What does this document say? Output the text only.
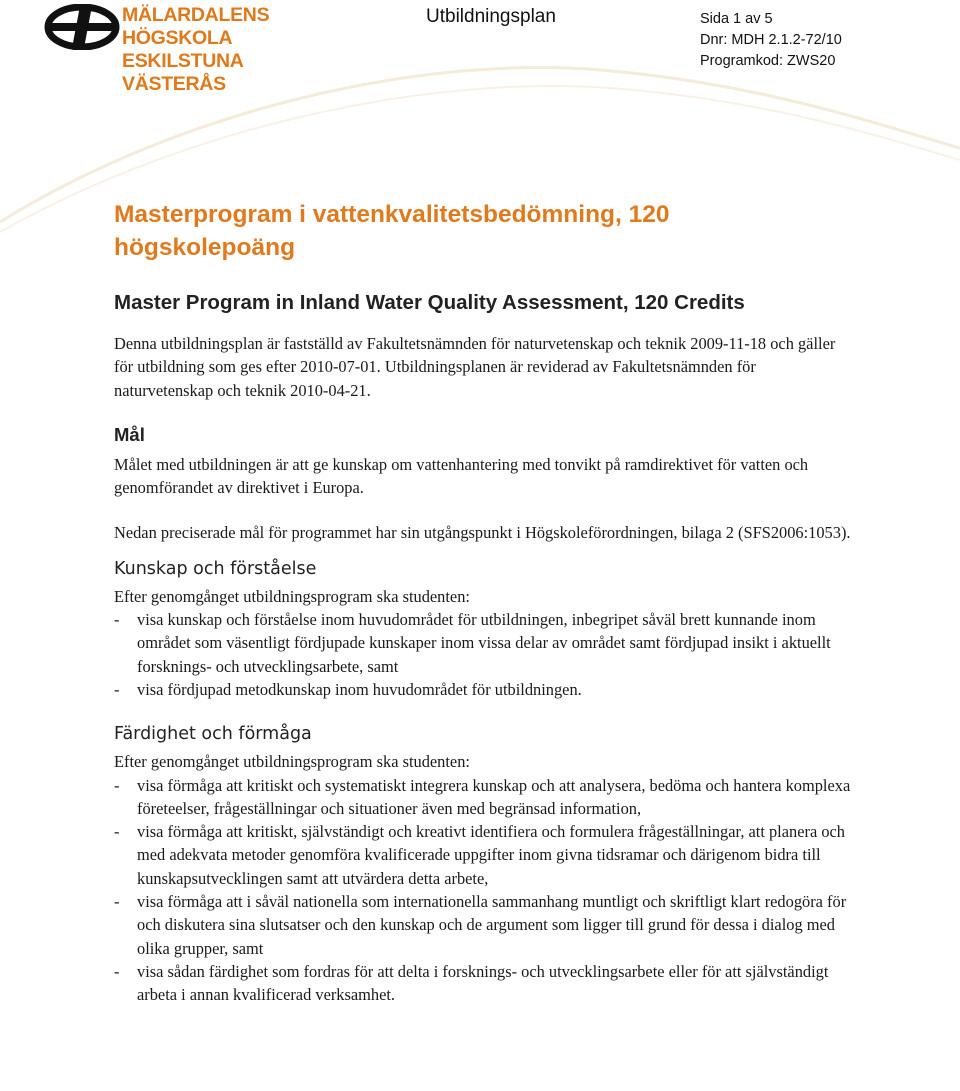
MÄLARDALENS HÖGSKOLA
ESKILSTUNA VÄSTERÅS
Utbildningsplan	Sida 1 av 5
Dnr: MDH 2.1.2-72/10
Programkod: ZWS20
Masterprogram i vattenkvalitetsbedömning, 120 högskolepoäng
Master Program in Inland Water Quality Assessment, 120 Credits

Denna utbildningsplan är fastställd av Fakultetsnämnden för naturvetenskap och teknik 2009-11-18 och gäller för utbildning som ges efter 2010-07-01. Utbildningsplanen är reviderad av Fakultetsnämnden för naturvetenskap och teknik 2010-04-21.

Mål

Målet med utbildningen är att ge kunskap om vattenhantering med tonvikt på ramdirektivet för vatten och genomförandet av direktivet i Europa.

Nedan preciserade mål för programmet har sin utgångspunkt i Högskoleförordningen, bilaga 2 (SFS2006:1053).

Kunskap och förståelse

Efter genomgånget utbildningsprogram ska studenten:

- visa kunskap och förståelse inom huvudområdet för utbildningen, inbegripet såväl brett kunnande inom området som väsentligt fördjupade kunskaper inom vissa delar av området samt fördjupad insikt i aktuellt forsknings- och utvecklingsarbete, samt
- visa fördjupad metodkunskap inom huvudområdet för utbildningen.
Färdighet och förmåga

Efter genomgånget utbildningsprogram ska studenten:

- visa förmåga att kritiskt och systematiskt integrera kunskap och att analysera, bedöma och hantera komplexa företeelser, frågeställningar och situationer även med begränsad information,
- visa förmåga att kritiskt, självständigt och kreativt identifiera och formulera frågeställningar, att planera och med adekvata metoder genomföra kvalificerade uppgifter inom givna tidsramar och därigenom bidra till kunskapsutvecklingen samt att utvärdera detta arbete,
- visa förmåga att i såväl nationella som internationella sammanhang muntligt och skriftligt klart redogöra för och diskutera sina slutsatser och den kunskap och de argument som ligger till grund för dessa i dialog med olika grupper, samt
- visa sådan färdighet som fordras för att delta i forsknings- och utvecklingsarbete eller för att självständigt arbeta i annan kvalificerad verksamhet.
